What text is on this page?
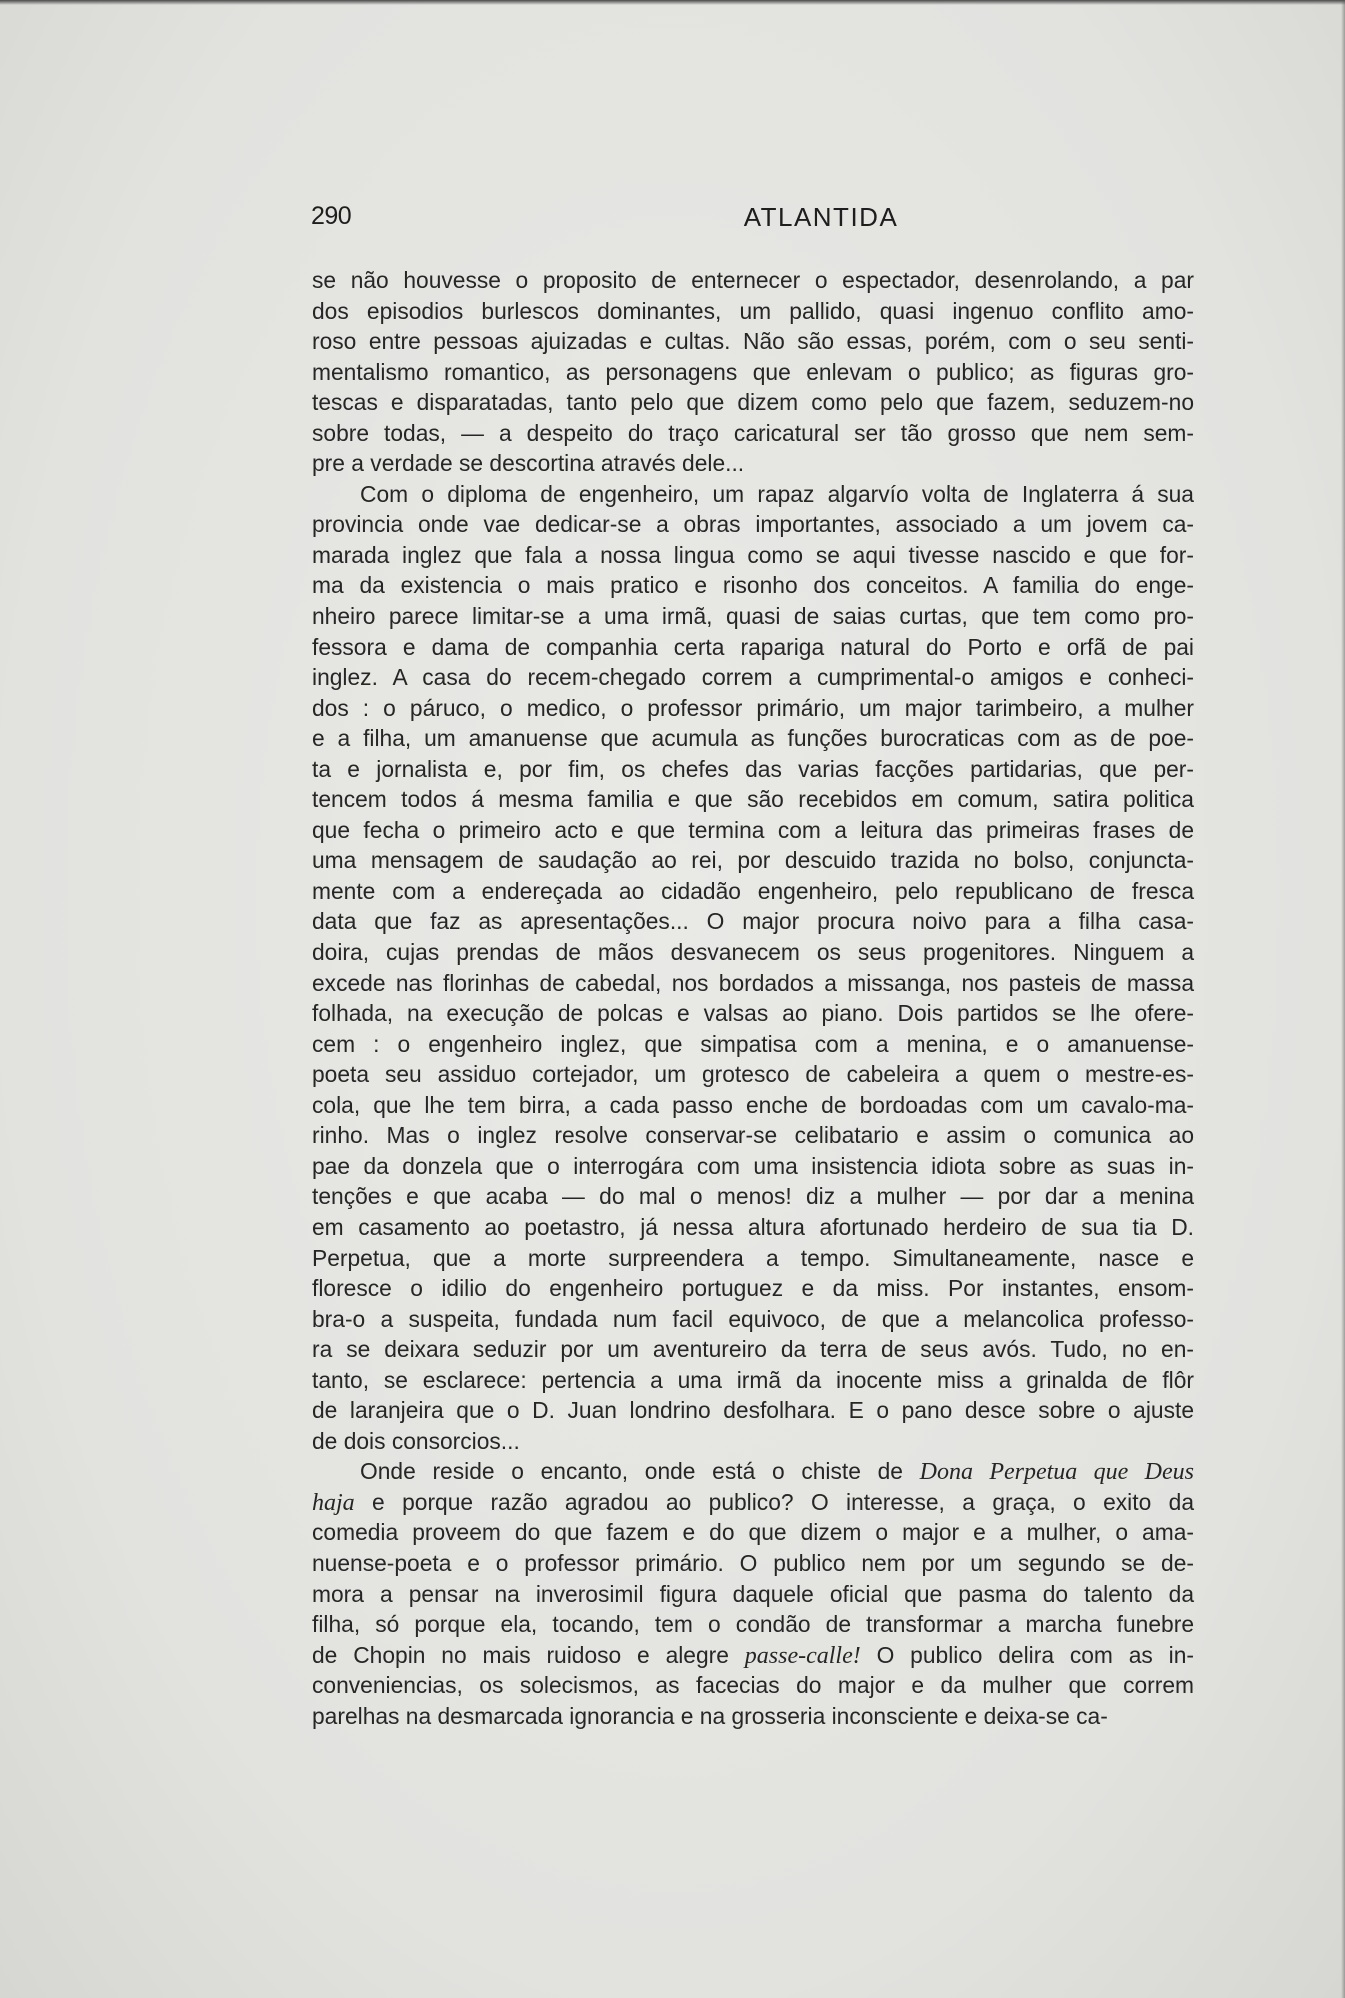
290	ATLANTIDA
se não houvesse o proposito de enternecer o espectador, desenrolando, a par
dos episodios burlescos dominantes, um pallido, quasi ingenuo conflito amo-
roso entre pessoas ajuizadas e cultas. Não são essas, porém, com o seu senti-
mentalismo romantico, as personagens que enlevam o publico; as figuras gro-
tescas e disparatadas, tanto pelo que dizem como pelo que fazem, seduzem-no
sobre todas, — a despeito do traço caricatural ser tão grosso que nem sem-
pre a verdade se descortina através dele...
Com o diploma de engenheiro, um rapaz algarvío volta de Inglaterra á sua
provincia onde vae dedicar-se a obras importantes, associado a um jovem ca-
marada inglez que fala a nossa lingua como se aqui tivesse nascido e que for-
ma da existencia o mais pratico e risonho dos conceitos. A familia do enge-
nheiro parece limitar-se a uma irmã, quasi de saias curtas, que tem como pro-
fessora e dama de companhia certa rapariga natural do Porto e orfã de pai
inglez. A casa do recem-chegado correm a cumprimental-o amigos e conheci-
dos : o páruco, o medico, o professor primário, um major tarimbeiro, a mulher
e a filha, um amanuense que acumula as funções burocraticas com as de poe-
ta e jornalista e, por fim, os chefes das varias facções partidarias, que per-
tencem todos á mesma familia e que são recebidos em comum, satira politica
que fecha o primeiro acto e que termina com a leitura das primeiras frases de
uma mensagem de saudação ao rei, por descuido trazida no bolso, conjuncta-
mente com a endereçada ao cidadão engenheiro, pelo republicano de fresca
data que faz as apresentações... O major procura noivo para a filha casa-
doira, cujas prendas de mãos desvanecem os seus progenitores. Ninguem a
excede nas florinhas de cabedal, nos bordados a missanga, nos pasteis de massa
folhada, na execução de polcas e valsas ao piano. Dois partidos se lhe ofere-
cem : o engenheiro inglez, que simpatisa com a menina, e o amanuense-
poeta seu assiduo cortejador, um grotesco de cabeleira a quem o mestre-es-
cola, que lhe tem birra, a cada passo enche de bordoadas com um cavalo-ma-
rinho. Mas o inglez resolve conservar-se celibatario e assim o comunica ao
pae da donzela que o interrogára com uma insistencia idiota sobre as suas in-
tenções e que acaba — do mal o menos! diz a mulher — por dar a menina
em casamento ao poetastro, já nessa altura afortunado herdeiro de sua tia D.
Perpetua, que a morte surpreendera a tempo. Simultaneamente, nasce e
floresce o idilio do engenheiro portuguez e da miss. Por instantes, ensom-
bra-o a suspeita, fundada num facil equivoco, de que a melancolica professo-
ra se deixara seduzir por um aventureiro da terra de seus avós. Tudo, no en-
tanto, se esclarece: pertencia a uma irmã da inocente miss a grinalda de flôr
de laranjeira que o D. Juan londrino desfolhara. E o pano desce sobre o ajuste
de dois consorcios...
Onde reside o encanto, onde está o chiste de Dona Perpetua que Deus
haja e porque razão agradou ao publico? O interesse, a graça, o exito da
comedia proveem do que fazem e do que dizem o major e a mulher, o ama-
nuense-poeta e o professor primário. O publico nem por um segundo se de-
mora a pensar na inverosimil figura daquele oficial que pasma do talento da
filha, só porque ela, tocando, tem o condão de transformar a marcha funebre
de Chopin no mais ruidoso e alegre passe-calle! O publico delira com as in-
conveniencias, os solecismos, as facecias do major e da mulher que correm
parelhas na desmarcada ignorancia e na grosseria inconsciente e deixa-se ca-
